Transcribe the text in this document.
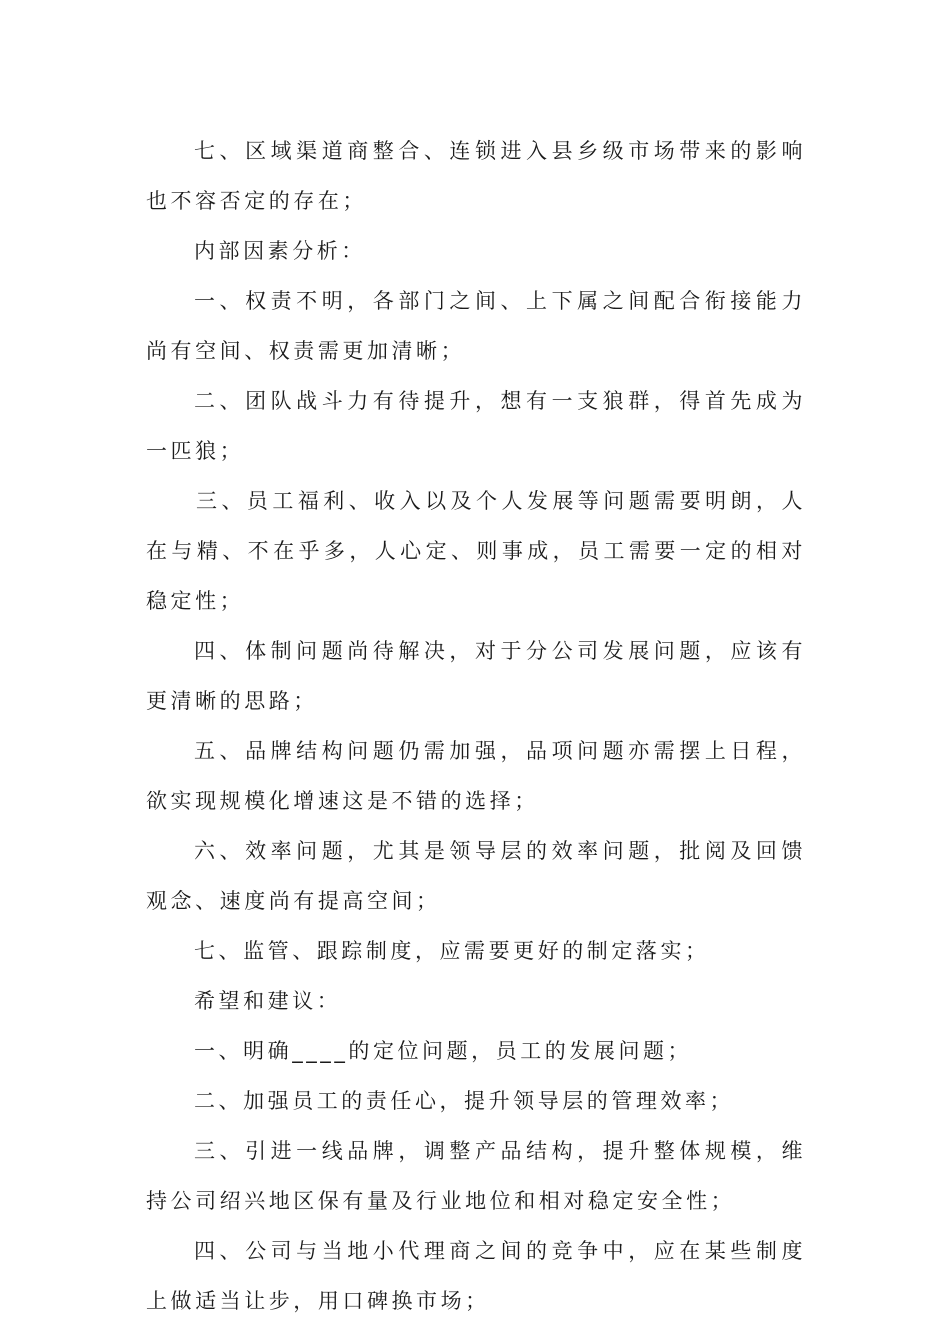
七、区域渠道商整合、连锁进入县乡级市场带来的影响也不容否定的存在；

内部因素分析：

一、权责不明，各部门之间、上下属之间配合衔接能力尚有空间、权责需更加清晰；

二、团队战斗力有待提升，想有一支狼群，得首先成为一匹狼；

三、员工福利、收入以及个人发展等问题需要明朗，人在与精、不在乎多，人心定、则事成，员工需要一定的相对稳定性；

四、体制问题尚待解决，对于分公司发展问题，应该有更清晰的思路；

五、品牌结构问题仍需加强，品项问题亦需摆上日程，欲实现规模化增速这是不错的选择；

六、效率问题，尤其是领导层的效率问题，批阅及回馈观念、速度尚有提高空间；

七、监管、跟踪制度，应需要更好的制定落实；

希望和建议：

一、明确____的定位问题，员工的发展问题；

二、加强员工的责任心，提升领导层的管理效率；

三、引进一线品牌，调整产品结构，提升整体规模，维持公司绍兴地区保有量及行业地位和相对稳定安全性；

四、公司与当地小代理商之间的竞争中，应在某些制度上做适当让步，用口碑换市场；
